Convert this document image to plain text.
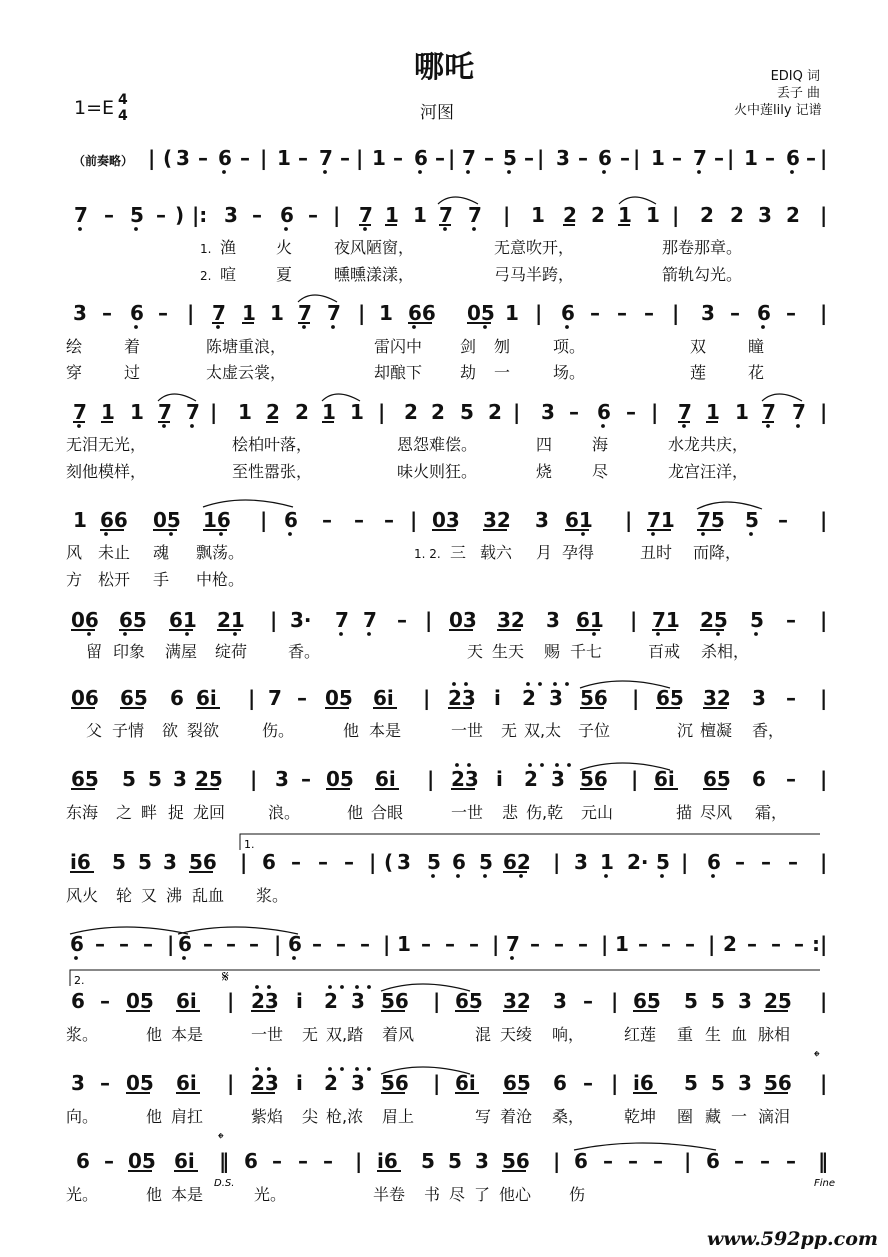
哪吒
1=E 4
4	河图
EDIQ 词
丢子 曲
火中莲lily 记谱
（前奏略） | ( 3 – 6 – | 1 – 7 – | 1 – 6 – | 7 – 5 – | 3 – 6 – | 1 – 7 – | 1 – 6 – |
7 – 5 – ) |: 3 – 6 – | 7 1 1 7 7 | 1 2 2 1 1 | 2 2 3 2 |
1. 渔 火	夜风陋窗，	无意吹开，	那卷那章。
2. 喧 夏	曛曛漾漾，	弓马半跨，	箭轨勾光。
3 – 6 – | 7 1 1 7 7 | 1 66 05 1 | 6 – – – | 3 – 6 – |
绘	着	陈塘重浪，	雷闪中 剑 刎	项。	双	瞳
穿	过	太虚云裳，	却酿下 劫 一	场。	莲	花
7 1 1 7 7 | 1 2 2 1 1 | 2 2 5 2 | 3 – 6 – | 7 1 1 7 7 |
无泪无光，	桧柏叶落，	恩怨难偿。	四 海	水龙共庆，
刻他模样，	至性嚣张，	味火则狂。	烧 尽	龙宫汪洋，
1 66 05 16 | 6 – – – | 03 32 3 61 | 71 75 5 – |
风 未止 魂 飘荡。	1. 2. 三 载六 月 孕得	丑时 而降，
方 松开 手 中枪。
06 65 61 21 | 3· 7 7 – | 03 32 3 61 | 71 25 5 – |
留 印象 满屋 绽荷	香。	天 生天 赐 千七	百戒 杀相，
06 65 6 6i | 7 – 05 6i | 23 i 2 3 56 | 65 32 3 – |
父 子情 欲 裂欲	伤。	他 本是	一世 无 双,太 子位	沉 檀凝 香，
65 5 5 3 25 | 3 – 05 6i | 23 i 2 3 56 | 6i 65 6 – |
东海 之 畔 捉 龙回	浪。	他 合眼	一世 悲 伤,乾 元山	描 尽风 霜，
i6 5 5 3 56 | 6 – – – | ( 3 5 6 5 62 | 3 1 2· 5 | 6 – – – |
风火 轮 又 沸 乱血 浆。
6 – – – | 6 – – – | 6 – – – | 1 – – – | 7 – – – | 1 – – – | 2 – – – :|
6 – 05 6i | 23 i 2 3 56 | 65 32 3 – | 65 5 5 3 25 |
浆。	他 本是	一世 无 双,踏 着风	混 天绫 响， 红莲 重 生 血 脉相
3 – 05 6i | 23 i 2 3 56 | 6i 65 6 – | i6 5 5 3 56 |
向。	他 肩扛	紫焰 尖 枪,浓 眉上	写 着沧 桑， 乾坤 圈 藏 一 滴泪
6 – 05 6i ‖ 6 – – – | i6 5 5 3 56 | 6 – – – | 6 – – – ‖
光。	他 本是	光。	半卷 书 尽 了 他心 伤
1.
2.	𝄋
𝄌
𝄌
D.S.	Fine
www.592pp.com
